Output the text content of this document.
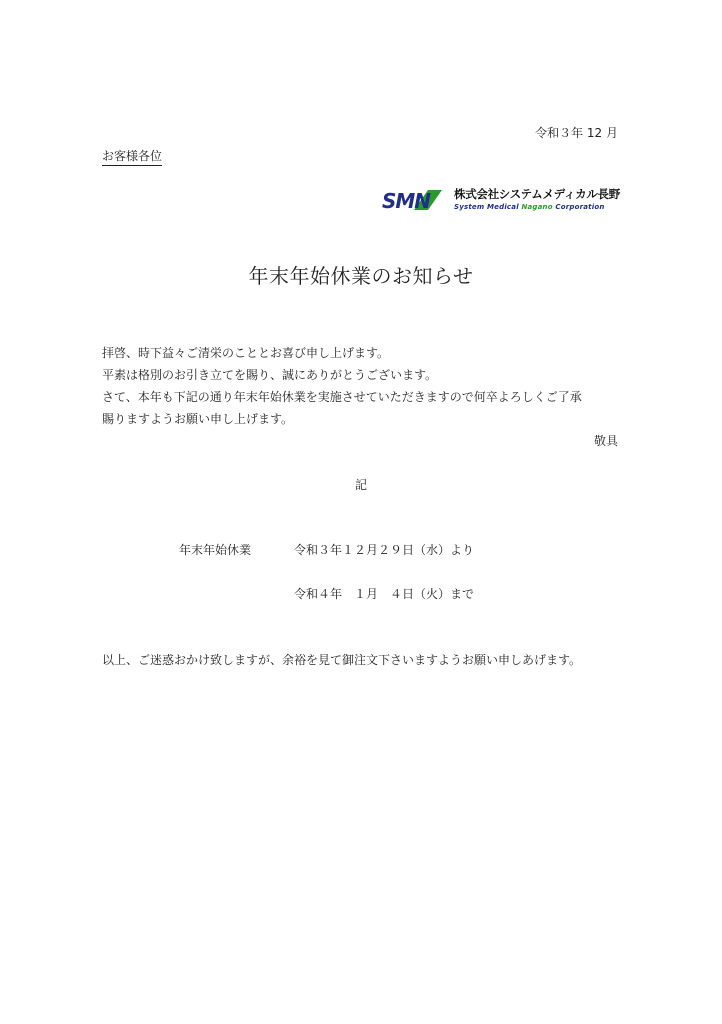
令和３年 12 月
お客様各位
SMN 株式会社システムメディカル長野
System Medical Nagano Corporation
年末年始休業のお知らせ
拝啓、時下益々ご清栄のこととお喜び申し上げます。
平素は格別のお引き立てを賜り、誠にありがとうございます。
さて、本年も下記の通り年末年始休業を実施させていただきますので何卒よろしくご了承
賜りますようお願い申し上げます。
敬具
記
年末年始休業	令和３年１２月２９日（水）より
令和４年　１月　４日（火）まで
以上、ご迷惑おかけ致しますが、余裕を見て御注文下さいますようお願い申しあげます。
